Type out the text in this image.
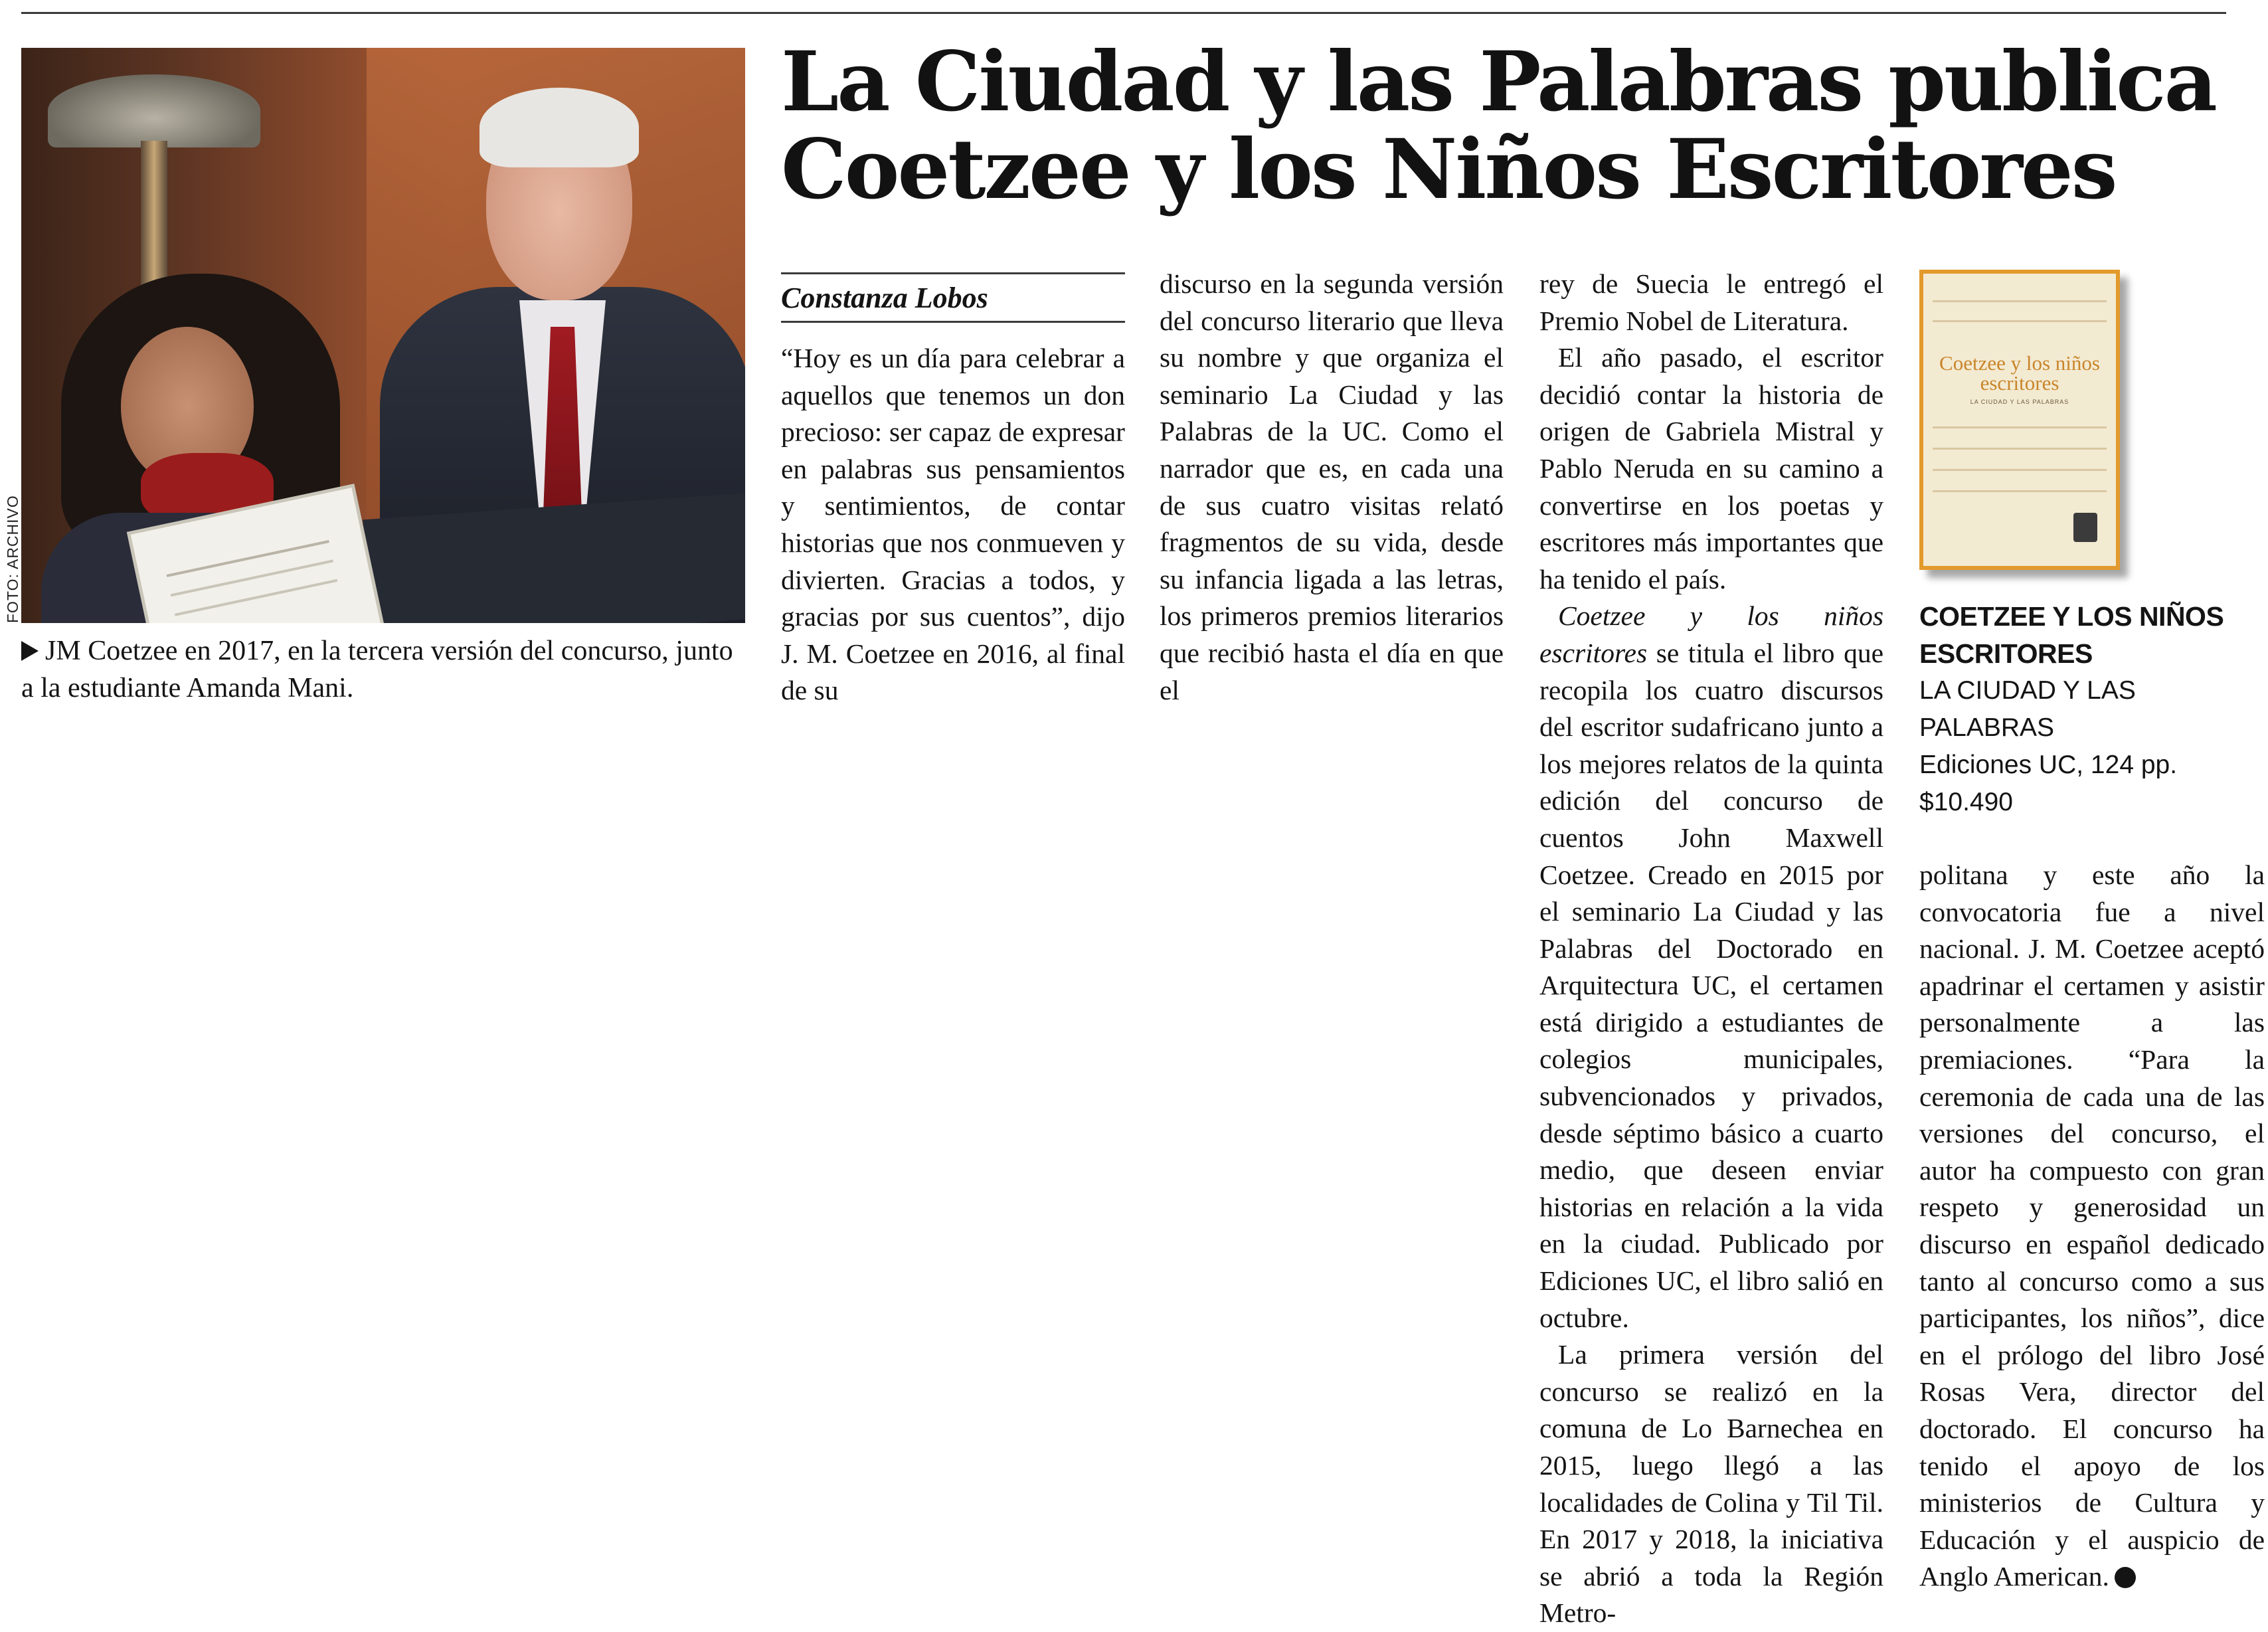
FOTO: ARCHIVO
JM Coetzee en 2017, en la tercera versión del concurso, junto a la estudiante Amanda Mani.
La Ciudad y las Palabras publica Coetzee y los Niños Escritores
Constanza Lobos

“Hoy es un día para celebrar a aquellos que tenemos un don precioso: ser capaz de expresar en palabras sus pensamientos y sentimientos, de contar historias que nos conmueven y divierten. Gracias a todos, y gracias por sus cuentos”, dijo J. M. Coetzee en 2016, al final de su

discurso en la segunda versión del concurso literario que lleva su nombre y que organiza el seminario La Ciudad y las Palabras de la UC. Como el narrador que es, en cada una de sus cuatro visitas relató fragmentos de su vida, desde su infancia ligada a las letras, los primeros premios literarios que recibió hasta el día en que el

rey de Suecia le entregó el Premio Nobel de Literatura.

El año pasado, el escritor decidió contar la historia de origen de Gabriela Mistral y Pablo Neruda en su camino a convertirse en los poetas y escritores más importantes que ha tenido el país.

Coetzee y los niños escritores se titula el libro que recopila los cuatro discursos del escritor sudafricano junto a los mejores relatos de la quinta edición del concurso de cuentos John Maxwell Coetzee. Creado en 2015 por el seminario La Ciudad y las Palabras del Doctorado en Arquitectura UC, el certamen está dirigido a estudiantes de colegios municipales, subvencionados y privados, desde séptimo básico a cuarto medio, que deseen enviar historias en relación a la vida en la ciudad. Publicado por Ediciones UC, el libro salió en octubre.

La primera versión del concurso se realizó en la comuna de Lo Barnechea en 2015, luego llegó a las localidades de Colina y Til Til. En 2017 y 2018, la iniciativa se abrió a toda la Región Metro-

Coetzee y los niños escritores
LA CIUDAD Y LAS PALABRAS
COETZEE Y LOS NIÑOS ESCRITORES
LA CIUDAD Y LAS PALABRAS
Ediciones UC, 124 pp.
$10.490

politana y este año la convocatoria fue a nivel nacional. J. M. Coetzee aceptó apadrinar el certamen y asistir personalmente a las premiaciones. “Para la ceremonia de cada una de las versiones del concurso, el autor ha compuesto con gran respeto y generosidad un discurso en español dedicado tanto al concurso como a sus participantes, los niños”, dice en el prólogo del libro José Rosas Vera, director del doctorado. El concurso ha tenido el apoyo de los ministerios de Cultura y Educación y el auspicio de Anglo American.
